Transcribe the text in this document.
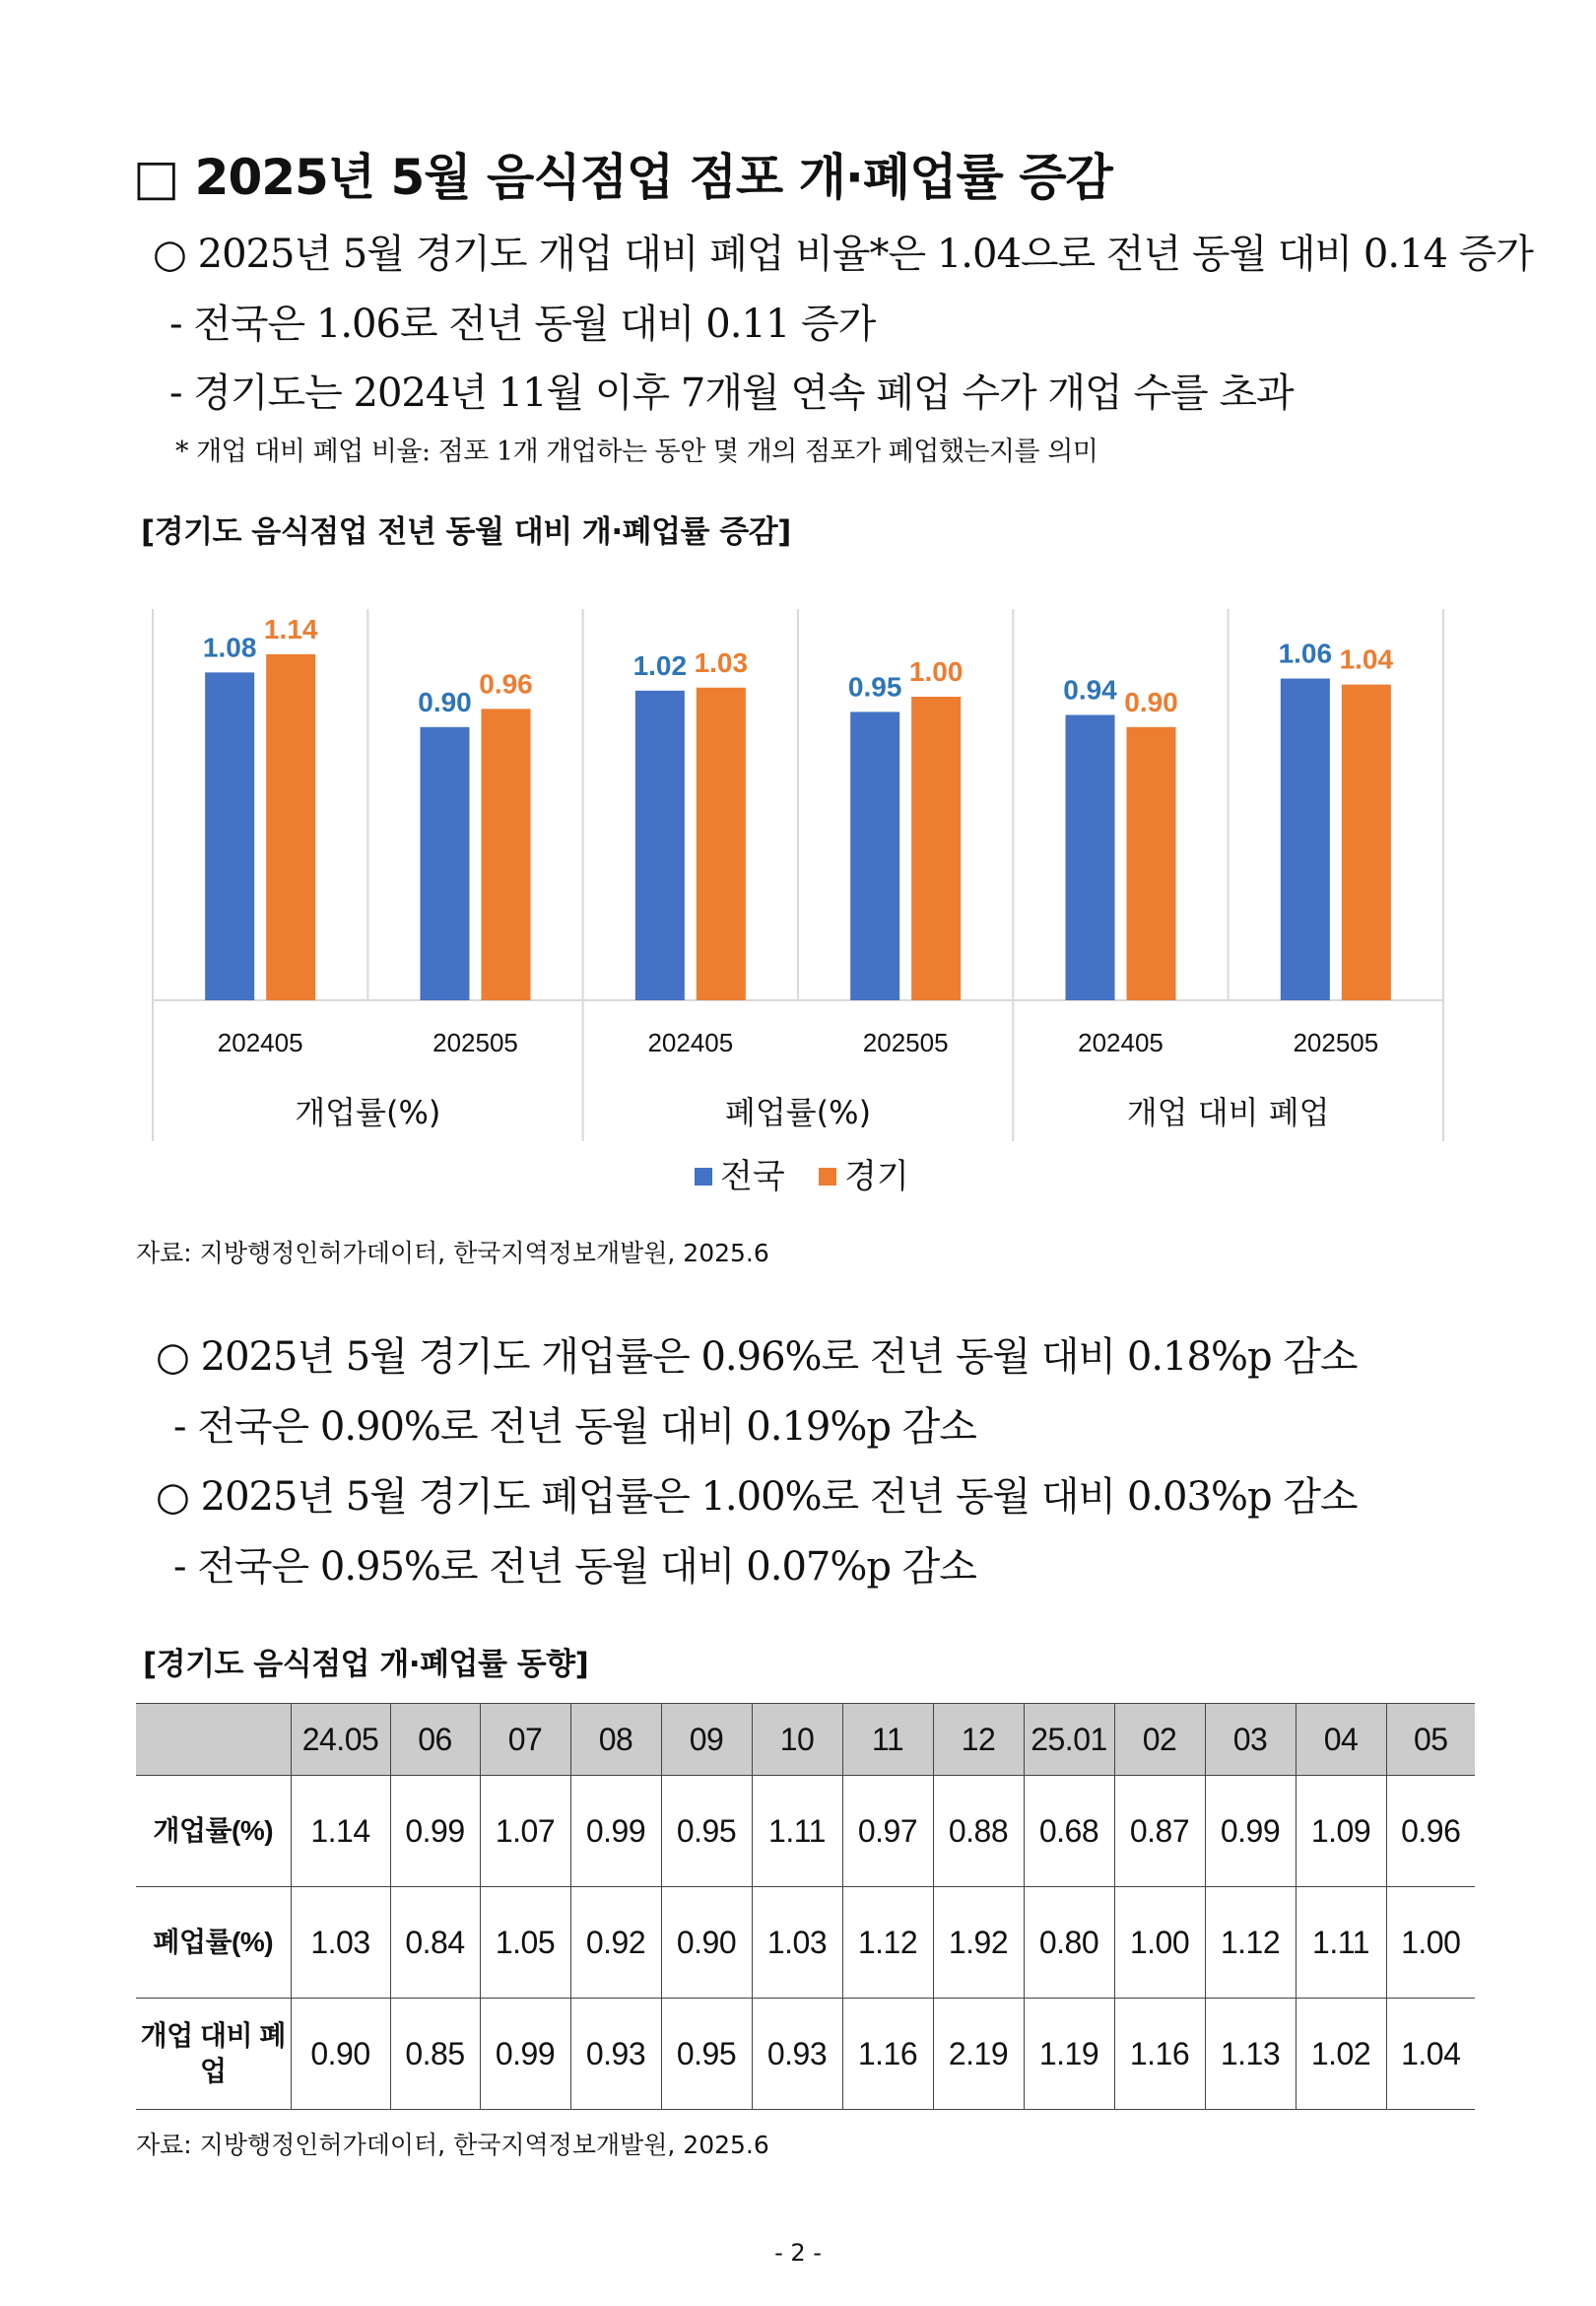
□ 2025년 5월 음식점업 점포 개·폐업률 증감
○ 2025년 5월 경기도 개업 대비 폐업 비율*은 1.04으로 전년 동월 대비 0.14 증가
- 전국은 1.06로 전년 동월 대비 0.11 증가
- 경기도는 2024년 11월 이후 7개월 연속 폐업 수가 개업 수를 초과
* 개업 대비 폐업 비율: 점포 1개 개업하는 동안 몇 개의 점포가 폐업했는지를 의미
[경기도 음식점업 전년 동월 대비 개·폐업률 증감]
1.08
1.14
0.90
0.96
1.02 1.03
0.95 1.00
0.94 0.90
1.06 1.04
202405	202505	202405	202505	202405	202505
개업률(%)	폐업률(%)	개업 대비 폐업
전국 경기
자료: 지방행정인허가데이터, 한국지역정보개발원, 2025.6
○ 2025년 5월 경기도 개업률은 0.96%로 전년 동월 대비 0.18%p 감소
- 전국은 0.90%로 전년 동월 대비 0.19%p 감소
○ 2025년 5월 경기도 폐업률은 1.00%로 전년 동월 대비 0.03%p 감소
- 전국은 0.95%로 전년 동월 대비 0.07%p 감소
[경기도 음식점업 개·폐업률 동향]
	24.05	06	07	08	09	10	11	12	25.01	02	03	04	05
개업률(%)	1.14	0.99	1.07	0.99	0.95	1.11	0.97	0.88	0.68	0.87	0.99	1.09	0.96
폐업률(%)	1.03	0.84	1.05	0.92	0.90	1.03	1.12	1.92	0.80	1.00	1.12	1.11	1.00
개업 대비 폐업	0.90	0.85	0.99	0.93	0.95	0.93	1.16	2.19	1.19	1.16	1.13	1.02	1.04
자료: 지방행정인허가데이터, 한국지역정보개발원, 2025.6
- 2 -
